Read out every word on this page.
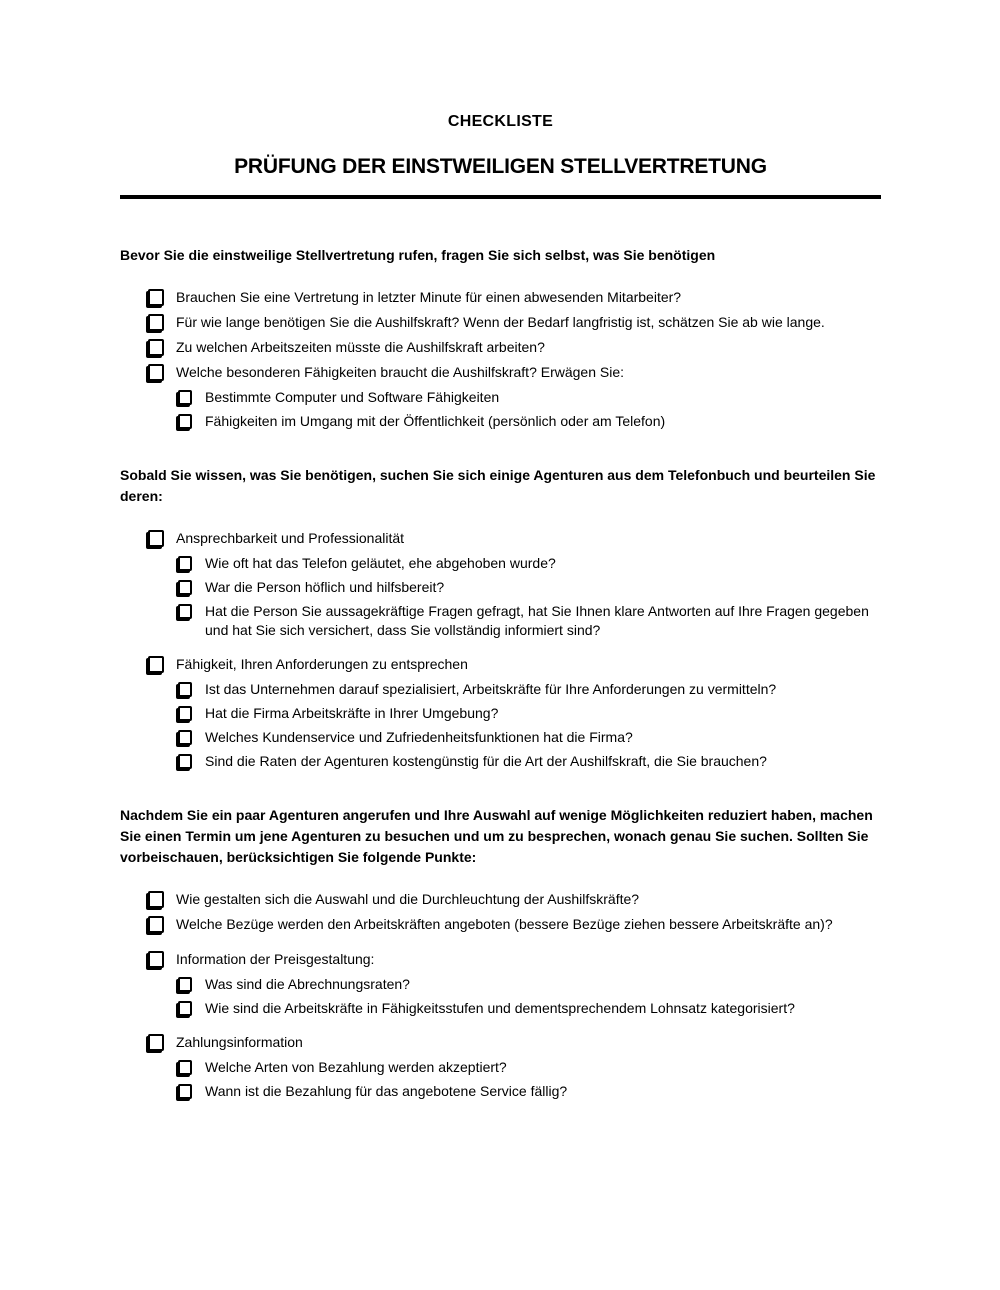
CHECKLISTE
PRÜFUNG DER EINSTWEILIGEN STELLVERTRETUNG

Bevor Sie die einstweilige Stellvertretung rufen, fragen Sie sich selbst, was Sie benötigen

Brauchen Sie eine Vertretung in letzter Minute für einen abwesenden Mitarbeiter?
Für wie lange benötigen Sie die Aushilfskraft? Wenn der Bedarf langfristig ist, schätzen Sie ab wie lange.
Zu welchen Arbeitszeiten müsste die Aushilfskraft arbeiten?
Welche besonderen Fähigkeiten braucht die Aushilfskraft? Erwägen Sie:
Bestimmte Computer und Software Fähigkeiten
Fähigkeiten im Umgang mit der Öffentlichkeit (persönlich oder am Telefon)

Sobald Sie wissen, was Sie benötigen, suchen Sie sich einige Agenturen aus dem Telefonbuch und beurteilen Sie deren:

Ansprechbarkeit und Professionalität
Wie oft hat das Telefon geläutet, ehe abgehoben wurde?
War die Person höflich und hilfsbereit?
Hat die Person Sie aussagekräftige Fragen gefragt, hat Sie Ihnen klare Antworten auf Ihre Fragen gegeben und hat Sie sich versichert, dass Sie vollständig informiert sind?
Fähigkeit, Ihren Anforderungen zu entsprechen
Ist das Unternehmen darauf spezialisiert, Arbeitskräfte für Ihre Anforderungen zu vermitteln?
Hat die Firma Arbeitskräfte in Ihrer Umgebung?
Welches Kundenservice und Zufriedenheitsfunktionen hat die Firma?
Sind die Raten der Agenturen kostengünstig für die Art der Aushilfskraft, die Sie brauchen?

Nachdem Sie ein paar Agenturen angerufen und Ihre Auswahl auf wenige Möglichkeiten reduziert haben, machen Sie einen Termin um jene Agenturen zu besuchen und um zu besprechen, wonach genau Sie suchen. Sollten Sie vorbeischauen, berücksichtigen Sie folgende Punkte:

Wie gestalten sich die Auswahl und die Durchleuchtung der Aushilfskräfte?
Welche Bezüge werden den Arbeitskräften angeboten (bessere Bezüge ziehen bessere Arbeitskräfte an)?
Information der Preisgestaltung:
Was sind die Abrechnungsraten?
Wie sind die Arbeitskräfte in Fähigkeitsstufen und dementsprechendem Lohnsatz kategorisiert?
Zahlungsinformation
Welche Arten von Bezahlung werden akzeptiert?
Wann ist die Bezahlung für das angebotene Service fällig?
